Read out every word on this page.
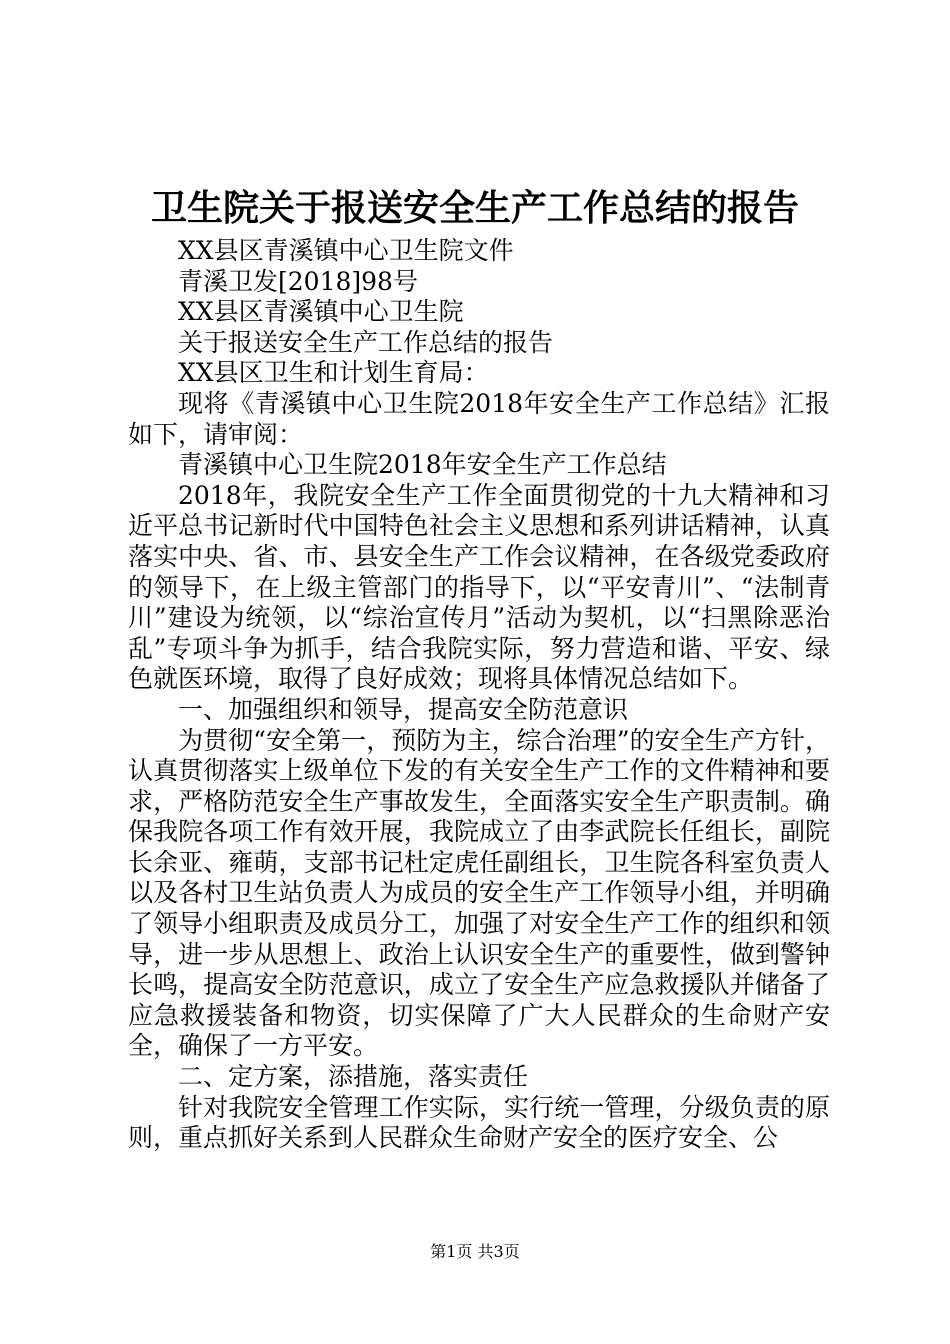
卫生院关于报送安全生产工作总结的报告

XX县区青溪镇中心卫生院文件

青溪卫发[2018]98号

XX县区青溪镇中心卫生院

关于报送安全生产工作总结的报告

XX县区卫生和计划生育局：

现将《青溪镇中心卫生院2018年安全生产工作总结》汇报如下，请审阅：

青溪镇中心卫生院2018年安全生产工作总结

2018年，我院安全生产工作全面贯彻党的十九大精神和习近平总书记新时代中国特色社会主义思想和系列讲话精神，认真落实中央、省、市、县安全生产工作会议精神，在各级党委政府的领导下，在上级主管部门的指导下，以“平安青川”、“法制青川”建设为统领，以“综治宣传月”活动为契机，以“扫黑除恶治乱”专项斗争为抓手，结合我院实际，努力营造和谐、平安、绿色就医环境，取得了良好成效；现将具体情况总结如下。

一、加强组织和领导，提高安全防范意识

为贯彻“安全第一，预防为主，综合治理”的安全生产方针，认真贯彻落实上级单位下发的有关安全生产工作的文件精神和要求，严格防范安全生产事故发生，全面落实安全生产职责制。确保我院各项工作有效开展，我院成立了由李武院长任组长，副院长余亚、雍萌，支部书记杜定虎任副组长，卫生院各科室负责人以及各村卫生站负责人为成员的安全生产工作领导小组，并明确了领导小组职责及成员分工，加强了对安全生产工作的组织和领导，进一步从思想上、政治上认识安全生产的重要性，做到警钟长鸣，提高安全防范意识，成立了安全生产应急救援队并储备了应急救援装备和物资，切实保障了广大人民群众的生命财产安全，确保了一方平安。

二、定方案，添措施，落实责任

针对我院安全管理工作实际，实行统一管理，分级负责的原则，重点抓好关系到人民群众生命财产安全的医疗安全、公

第1页 共3页
